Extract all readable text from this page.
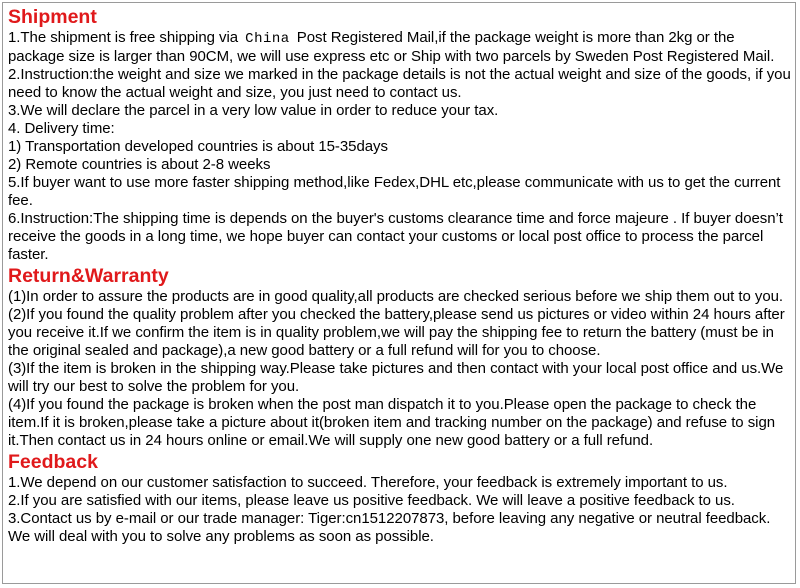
Shipment

1.The shipment is free shipping via China Post Registered Mail,if the package weight is more than 2kg or the package size is larger than 90CM, we will use express etc or Ship with two parcels by Sweden Post Registered Mail.

2.Instruction:the weight and size we marked in the package details is not the actual weight and size of the goods, if you need to know the actual weight and size, you just need to contact us.

3.We will declare the parcel in a very low value in order to reduce your tax.

4. Delivery time:

1) Transportation developed countries is about 15-35days

2) Remote countries is about 2-8 weeks

5.If buyer want to use more faster shipping method,like Fedex,DHL etc,please communicate with us to get the current fee.

6.Instruction:The shipping time is depends on the buyer's customs clearance time and force majeure . If buyer doesn’t receive the goods in a long time, we hope buyer can contact your customs or local post office to process the parcel faster.

Return&Warranty

(1)In order to assure the products are in good quality,all products are checked serious before we ship them out to you.

(2)If you found the quality problem after you checked the battery,please send us pictures or video within 24 hours after you receive it.If we confirm the item is in quality problem,we will pay the shipping fee to return the battery (must be in the original sealed and package),a new good battery or a full refund will for you to choose.

(3)If the item is broken in the shipping way.Please take pictures and then contact with your local post office and us.We will try our best to solve the problem for you.

(4)If you found the package is broken when the post man dispatch it to you.Please open the package to check the item.If it is broken,please take a picture about it(broken item and tracking number on the package) and refuse to sign it.Then contact us in 24 hours online or email.We will supply one new good battery or a full refund.

Feedback

1.We depend on our customer satisfaction to succeed. Therefore, your feedback is extremely important to us.

2.If you are satisfied with our items, please leave us positive feedback. We will leave a positive feedback to us.

3.Contact us by e-mail or our trade manager: Tiger:cn1512207873, before leaving any negative or neutral feedback. We will deal with you to solve any problems as soon as possible.
